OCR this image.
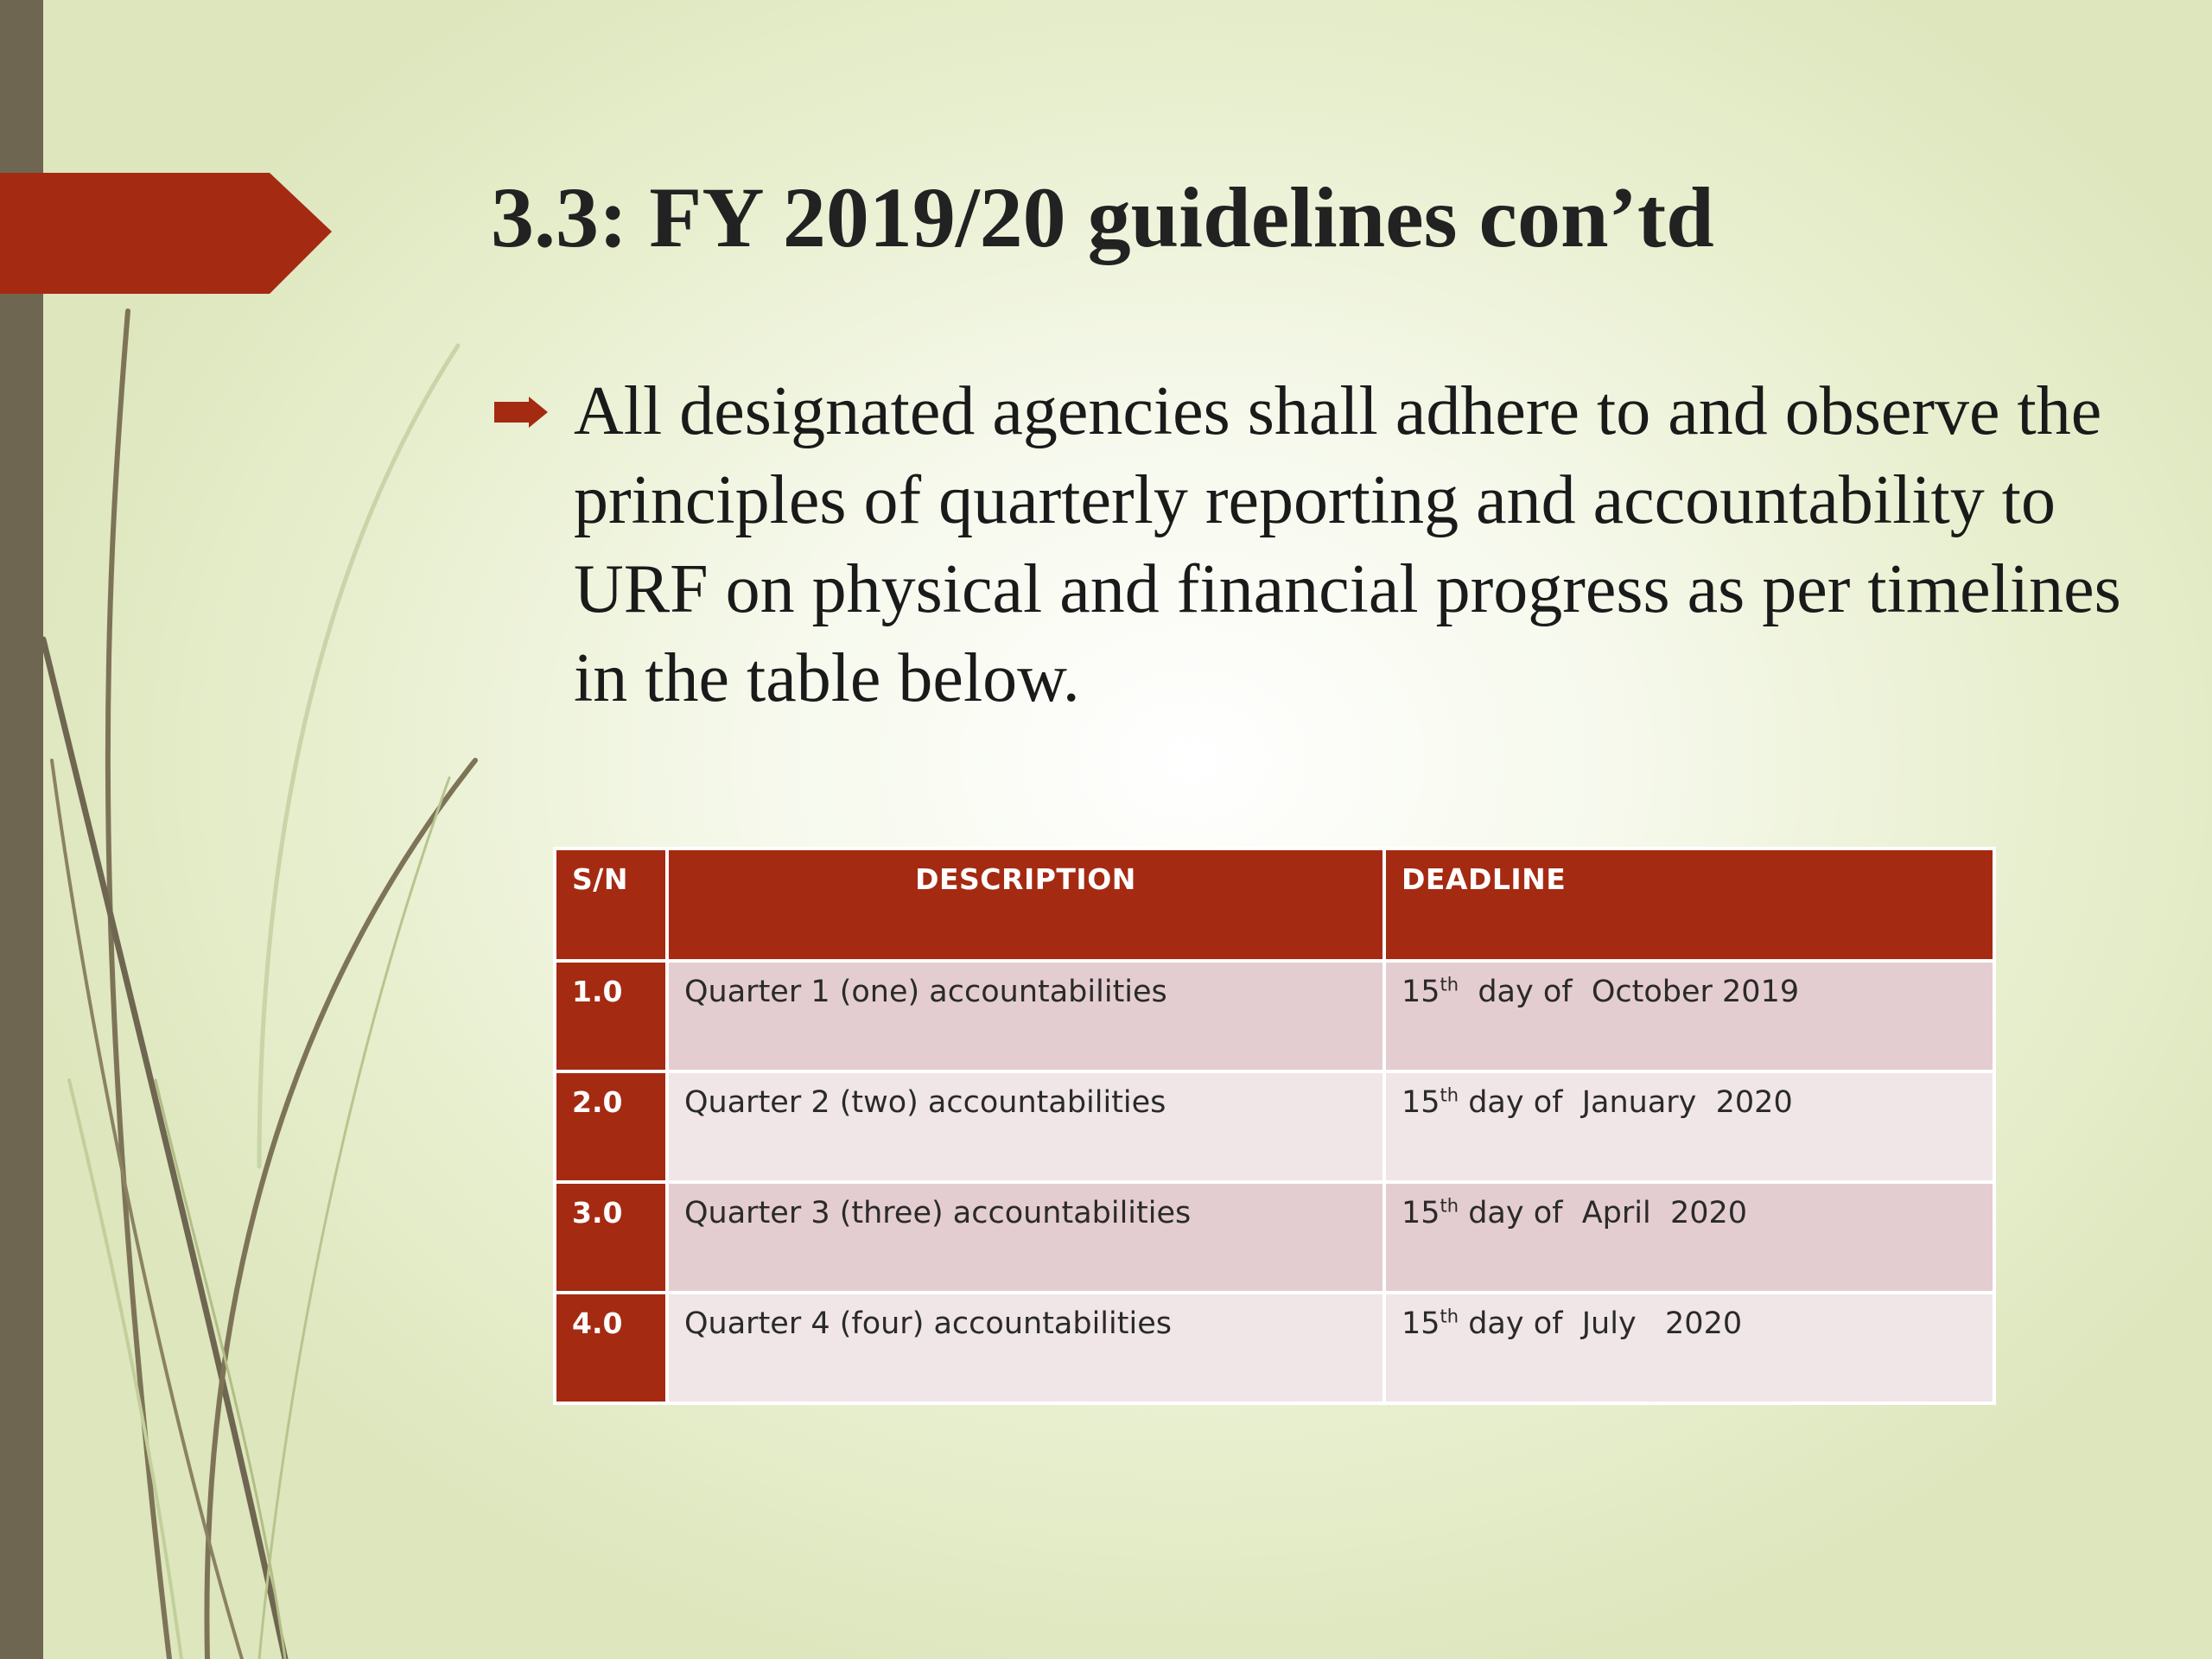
3.3: FY 2019/20 guidelines con’td
All designated agencies shall adhere to and observe the principles of quarterly reporting and accountability to URF on physical and financial progress as per timelines in the table below.
S/N	DESCRIPTION	DEADLINE
1.0	Quarter 1 (one) accountabilities	15th  day of  October 2019
2.0	Quarter 2 (two) accountabilities	15th day of  January  2020
3.0	Quarter 3 (three) accountabilities	15th day of  April  2020
4.0	Quarter 4 (four) accountabilities	15th day of  July   2020
